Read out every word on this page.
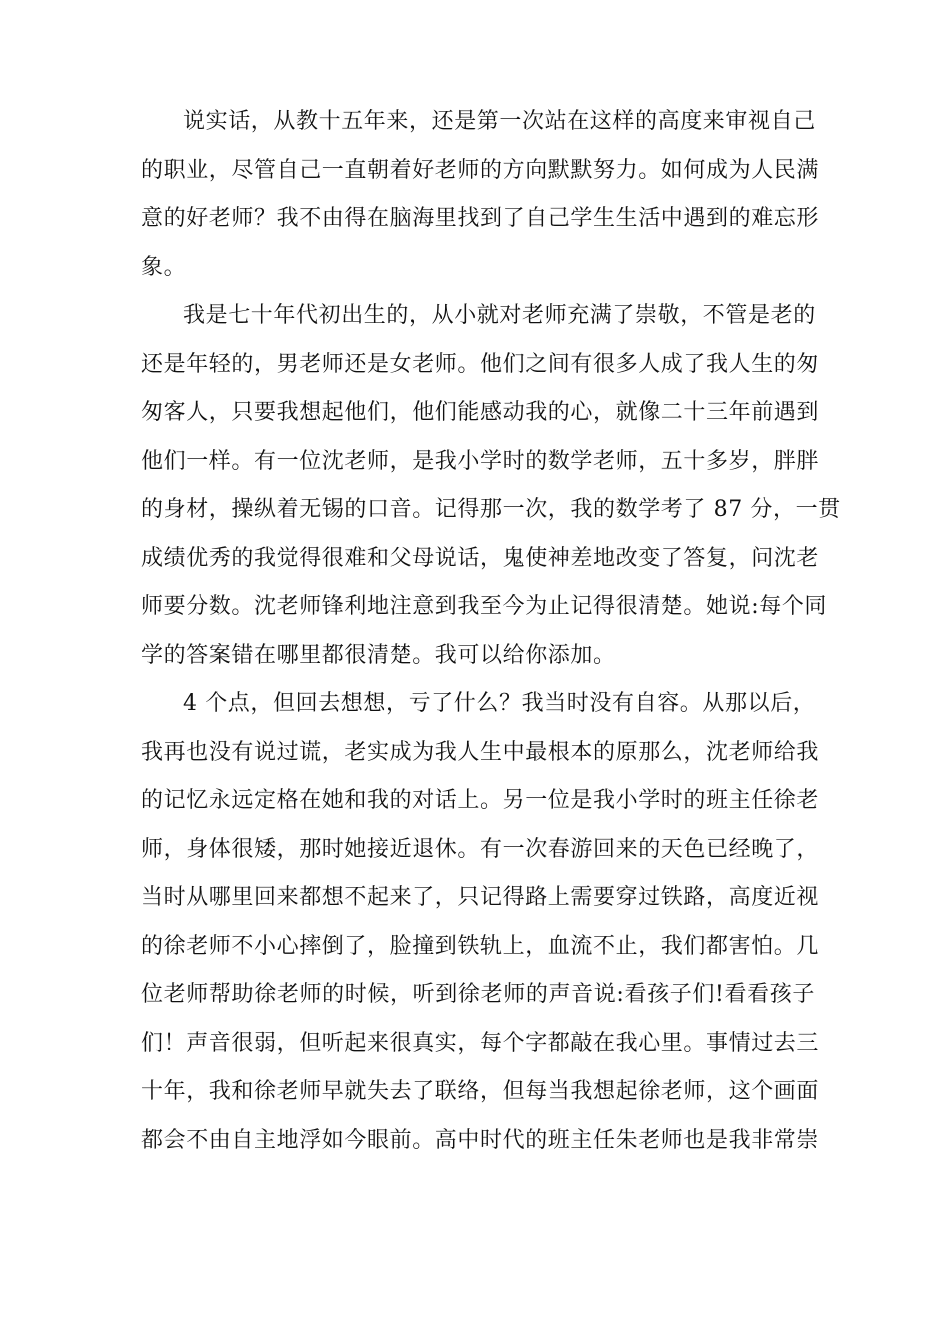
说实话，从教十五年来，还是第一次站在这样的高度来审视自己
的职业，尽管自己一直朝着好老师的方向默默努力。如何成为人民满
意的好老师？我不由得在脑海里找到了自己学生生活中遇到的难忘形
象。
我是七十年代初出生的，从小就对老师充满了崇敬，不管是老的
还是年轻的，男老师还是女老师。他们之间有很多人成了我人生的匆
匆客人，只要我想起他们，他们能感动我的心，就像二十三年前遇到
他们一样。有一位沈老师，是我小学时的数学老师，五十多岁，胖胖
的身材，操纵着无锡的口音。记得那一次，我的数学考了 87 分，一贯
成绩优秀的我觉得很难和父母说话，鬼使神差地改变了答复，问沈老
师要分数。沈老师锋利地注意到我至今为止记得很清楚。她说:每个同
学的答案错在哪里都很清楚。我可以给你添加。
4 个点，但回去想想，亏了什么？我当时没有自容。从那以后，
我再也没有说过谎，老实成为我人生中最根本的原那么，沈老师给我
的记忆永远定格在她和我的对话上。另一位是我小学时的班主任徐老
师，身体很矮，那时她接近退休。有一次春游回来的天色已经晚了，
当时从哪里回来都想不起来了，只记得路上需要穿过铁路，高度近视
的徐老师不小心摔倒了，脸撞到铁轨上，血流不止，我们都害怕。几
位老师帮助徐老师的时候，听到徐老师的声音说:看孩子们!看看孩子
们！声音很弱，但听起来很真实，每个字都敲在我心里。事情过去三
十年，我和徐老师早就失去了联络，但每当我想起徐老师，这个画面
都会不由自主地浮如今眼前。高中时代的班主任朱老师也是我非常崇
